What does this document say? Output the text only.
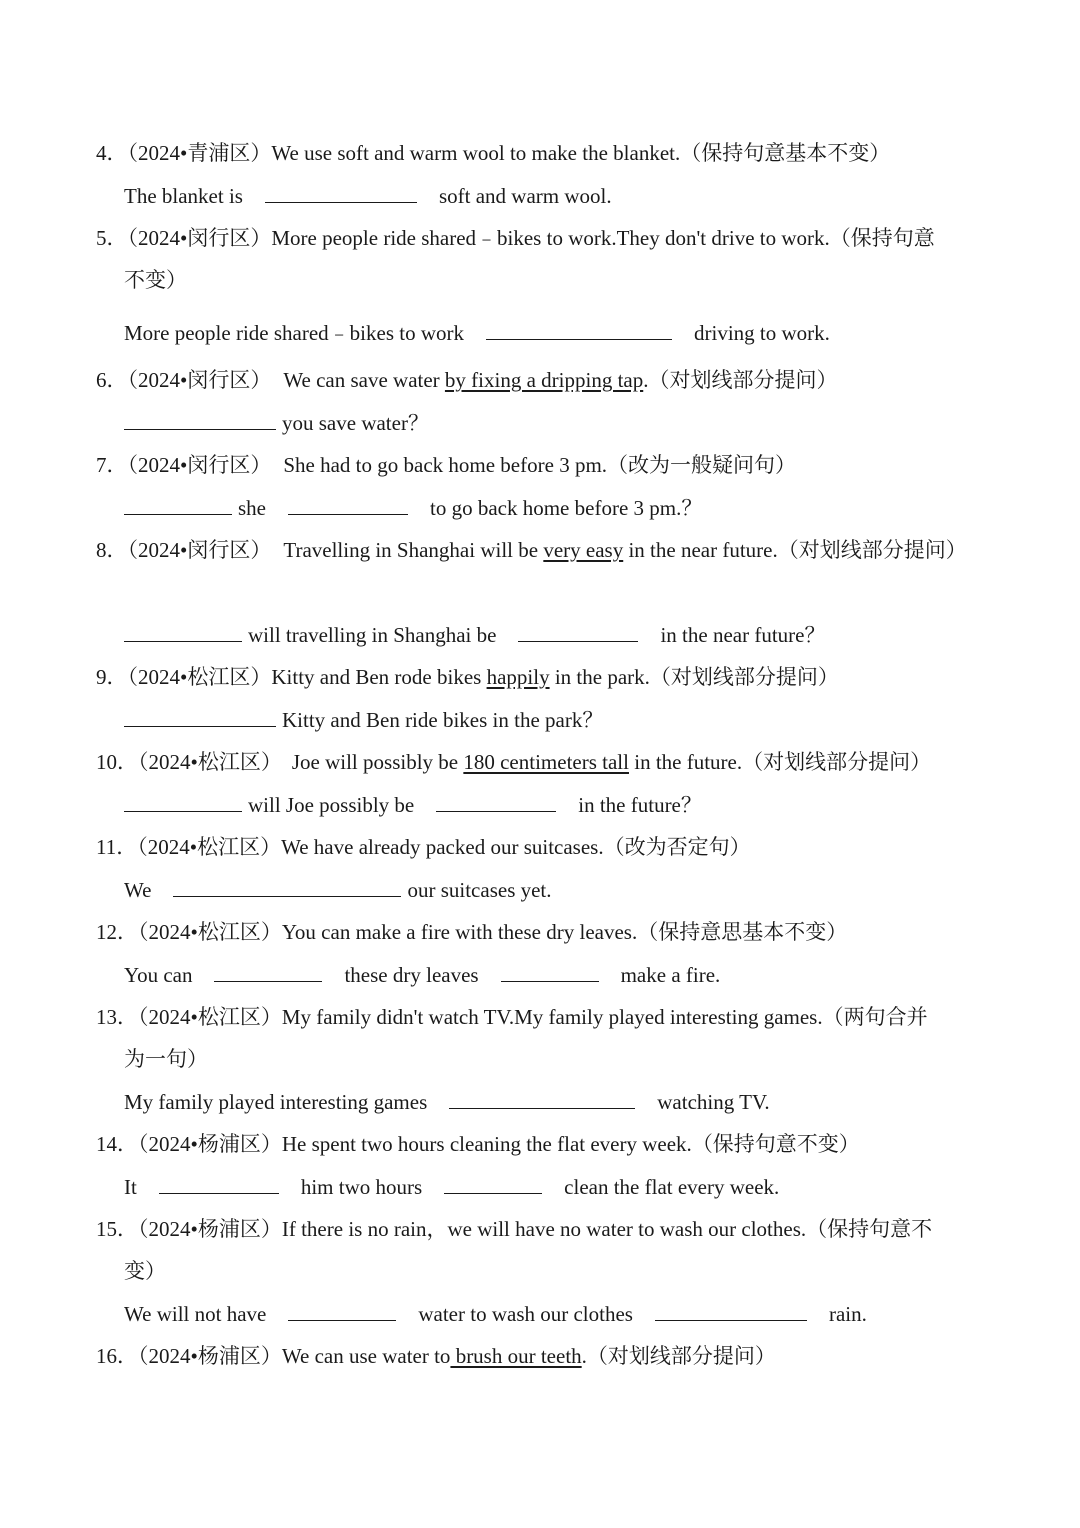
4．（2024•青浦区）We use soft and warm wool to make the blanket.（保持句意基本不变）
The blanket is	soft and warm wool.
5．（2024•闵行区）More people ride shared﹣bikes to work.They don't drive to work.（保持句意
不变）
More people ride shared﹣bikes to work	driving to work.
6．（2024•闵行区） We can save water by fixing a dripping tap.（对划线部分提问）
you save water？
7．（2024•闵行区） She had to go back home before 3 pm.（改为一般疑问句）
she	to go back home before 3 pm.？
8．（2024•闵行区） Travelling in Shanghai will be very easy in the near future.（对划线部分提问）
will travelling in Shanghai be	in the near future？
9．（2024•松江区）Kitty and Ben rode bikes happily in the park.（对划线部分提问）
Kitty and Ben ride bikes in the park？
10．（2024•松江区） Joe will possibly be 180 centimeters tall in the future.（对划线部分提问）
will Joe possibly be	in the future？
11．（2024•松江区）We have already packed our suitcases.（改为否定句）
We	our suitcases yet.
12．（2024•松江区）You can make a fire with these dry leaves.（保持意思基本不变）
You can	these dry leaves	make a fire.
13．（2024•松江区）My family didn't watch TV.My family played interesting games.（两句合并
为一句）
My family played interesting games	watching TV.
14．（2024•杨浦区）He spent two hours cleaning the flat every week.（保持句意不变）
It	him two hours	clean the flat every week.
15．（2024•杨浦区）If there is no rain，we will have no water to wash our clothes.（保持句意不
变）
We will not have	water to wash our clothes	rain.
16．（2024•杨浦区）We can use water to brush our teeth.（对划线部分提问）
